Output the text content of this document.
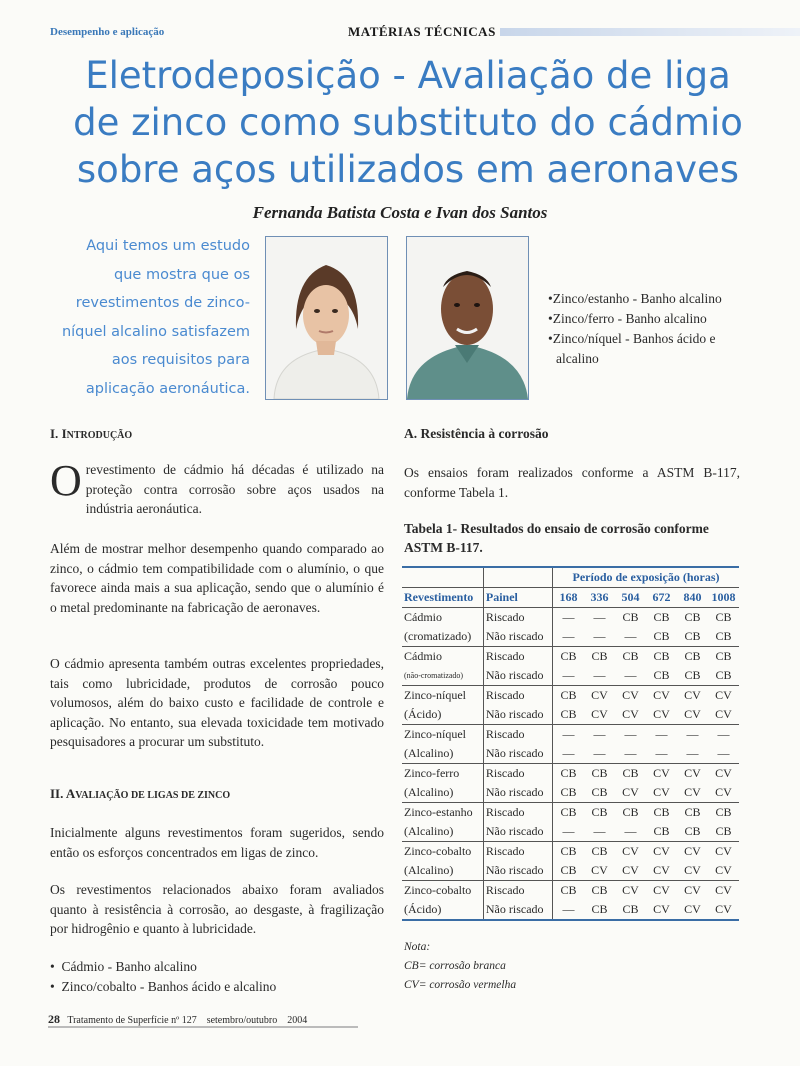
Desempenho e aplicação	MATÉRIAS TÉCNICAS
Eletrodeposição - Avaliação de liga
de zinco como substituto do cádmio
sobre aços utilizados em aeronaves
Fernanda Batista Costa e Ivan dos Santos
Aqui temos um estudo
que mostra que os
revestimentos de zinco-
níquel alcalino satisfazem
aos requisitos para
aplicação aeronáutica.
•Zinco/estanho - Banho alcalino
•Zinco/ferro - Banho alcalino
•Zinco/níquel - Banhos ácido e alcalino
I. INTRODUÇÃO
Orevestimento de cádmio há décadas é utilizado na proteção contra corrosão sobre aços usados na indústria aeronáutica.
Além de mostrar melhor desempenho quando comparado ao zinco, o cádmio tem compatibilidade com o alumínio, o que favorece ainda mais a sua aplicação, sendo que o alumínio é o metal predominante na fabricação de aeronaves.
O cádmio apresenta também outras excelentes propriedades, tais como lubricidade, produtos de corrosão pouco volumosos, além do baixo custo e facilidade de controle e aplicação. No entanto, sua elevada toxicidade tem motivado pesquisadores a procurar um substituto.
II. AVALIAÇÃO DE LIGAS DE ZINCO
Inicialmente alguns revestimentos foram sugeridos, sendo então os esforços concentrados em ligas de zinco.
Os revestimentos relacionados abaixo foram avaliados quanto à resistência à corrosão, ao desgaste, à fragilização por hidrogênio e quanto à lubricidade.
•  Cádmio - Banho alcalino
•  Zinco/cobalto - Banhos ácido e alcalino
A. Resistência à corrosão
Os ensaios foram realizados conforme a ASTM B-117, conforme Tabela 1.
Tabela 1- Resultados do ensaio de corrosão conforme ASTM B-117.
		Período de exposição (horas)					
Revestimento	Painel	168	336	504	672	840	1008
Cádmio	Riscado	—	—	CB	CB	CB	CB
(cromatizado)	Não riscado	—	—	—	CB	CB	CB
Cádmio	Riscado	CB	CB	CB	CB	CB	CB
(não-cromatizado)	Não riscado	—	—	—	CB	CB	CB
Zinco-níquel	Riscado	CB	CV	CV	CV	CV	CV
(Ácido)	Não riscado	CB	CV	CV	CV	CV	CV
Zinco-níquel	Riscado	—	—	—	—	—	—
(Alcalino)	Não riscado	—	—	—	—	—	—
Zinco-ferro	Riscado	CB	CB	CB	CV	CV	CV
(Alcalino)	Não riscado	CB	CB	CV	CV	CV	CV
Zinco-estanho	Riscado	CB	CB	CB	CB	CB	CB
(Alcalino)	Não riscado	—	—	—	CB	CB	CB
Zinco-cobalto	Riscado	CB	CB	CV	CV	CV	CV
(Alcalino)	Não riscado	CB	CV	CV	CV	CV	CV
Zinco-cobalto	Riscado	CB	CB	CV	CV	CV	CV
(Ácido)	Não riscado	—	CB	CB	CV	CV	CV
Nota:
CB= corrosão branca
CV= corrosão vermelha
28 Tratamento de Superfície nº 127 setembro/outubro 2004
